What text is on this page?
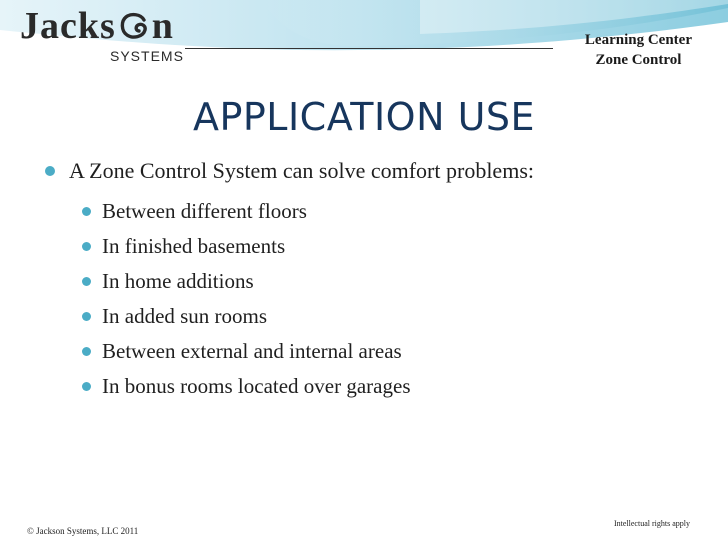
Jacks n
SYSTEMS
Learning Center
Zone Control
APPLICATION USE
A Zone Control System can solve comfort problems:
Between different floors
In finished basements
In home additions
In added sun rooms
Between external and internal areas
In bonus rooms located over garages
© Jackson Systems, LLC 2011
Intellectual rights apply
